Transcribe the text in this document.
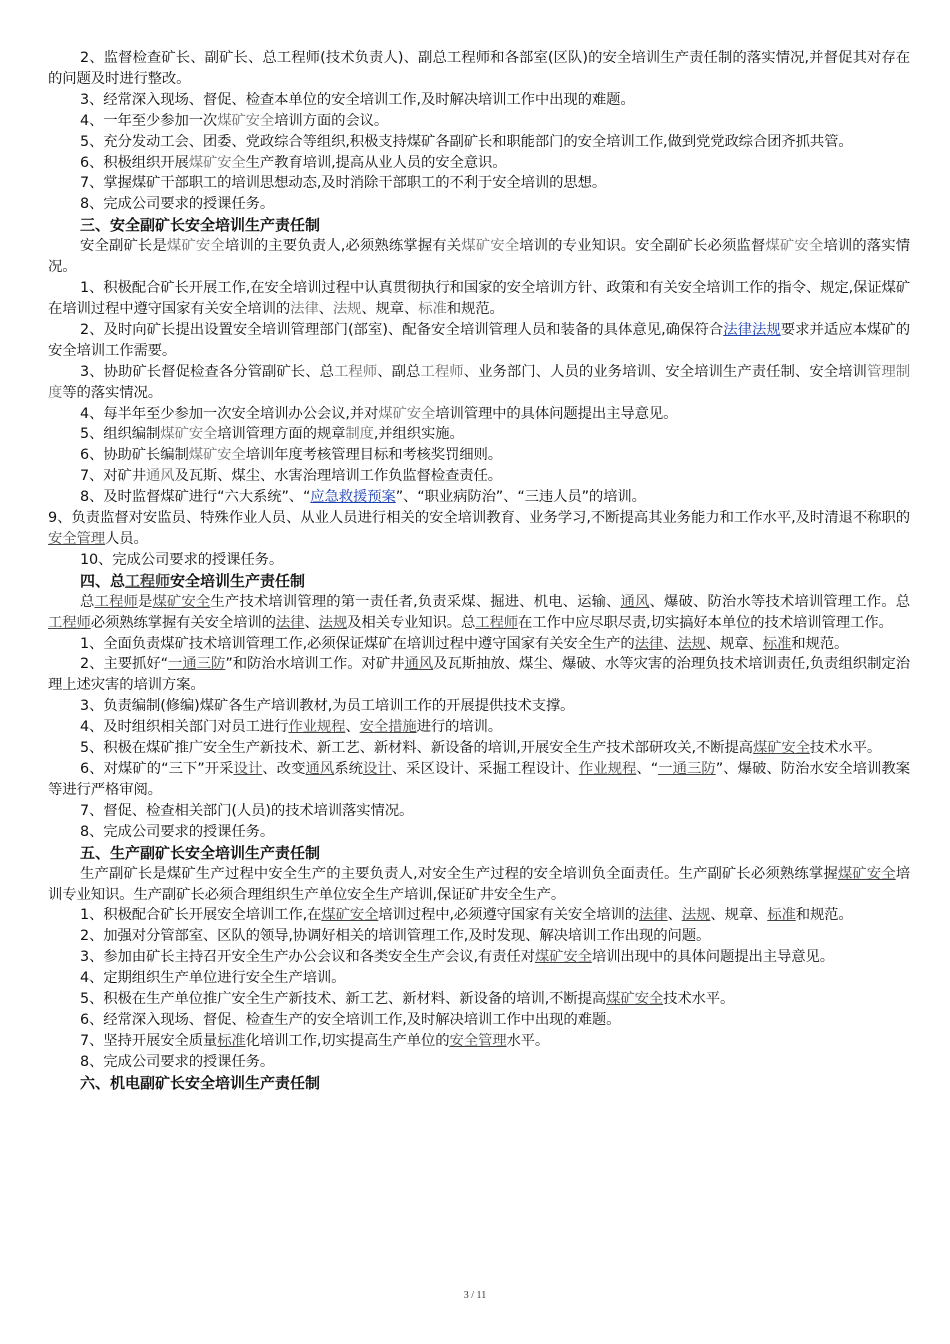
2、监督检查矿长、副矿长、总工程师(技术负责人)、副总工程师和各部室(区队)的安全培训生产责任制的落实情况,并督促其对存在的问题及时进行整改。

3、经常深入现场、督促、检查本单位的安全培训工作,及时解决培训工作中出现的难题。

4、一年至少参加一次煤矿安全培训方面的会议。

5、充分发动工会、团委、党政综合等组织,积极支持煤矿各副矿长和职能部门的安全培训工作,做到党党政综合团齐抓共管。

6、积极组织开展煤矿安全生产教育培训,提高从业人员的安全意识。

7、掌握煤矿干部职工的培训思想动态,及时消除干部职工的不利于安全培训的思想。

8、完成公司要求的授课任务。

三、安全副矿长安全培训生产责任制

安全副矿长是煤矿安全培训的主要负责人,必须熟练掌握有关煤矿安全培训的专业知识。安全副矿长必须监督煤矿安全培训的落实情况。

1、积极配合矿长开展工作,在安全培训过程中认真贯彻执行和国家的安全培训方针、政策和有关安全培训工作的指令、规定,保证煤矿在培训过程中遵守国家有关安全培训的法律、法规、规章、标准和规范。

2、及时向矿长提出设置安全培训管理部门(部室)、配备安全培训管理人员和装备的具体意见,确保符合法律法规要求并适应本煤矿的安全培训工作需要。

3、协助矿长督促检查各分管副矿长、总工程师、副总工程师、业务部门、人员的业务培训、安全培训生产责任制、安全培训管理制度等的落实情况。

4、每半年至少参加一次安全培训办公会议,并对煤矿安全培训管理中的具体问题提出主导意见。

5、组织编制煤矿安全培训管理方面的规章制度,并组织实施。

6、协助矿长编制煤矿安全培训年度考核管理目标和考核奖罚细则。

7、对矿井通风及瓦斯、煤尘、水害治理培训工作负监督检查责任。

8、及时监督煤矿进行“六大系统”、“应急救援预案”、“职业病防治”、“三违人员”的培训。

9、负责监督对安监员、特殊作业人员、从业人员进行相关的安全培训教育、业务学习,不断提高其业务能力和工作水平,及时清退不称职的安全管理人员。

10、完成公司要求的授课任务。

四、总工程师安全培训生产责任制

总工程师是煤矿安全生产技术培训管理的第一责任者,负责采煤、掘进、机电、运输、通风、爆破、防治水等技术培训管理工作。总工程师必须熟练掌握有关安全培训的法律、法规及相关专业知识。总工程师在工作中应尽职尽责,切实搞好本单位的技术培训管理工作。

1、全面负责煤矿技术培训管理工作,必须保证煤矿在培训过程中遵守国家有关安全生产的法律、法规、规章、标准和规范。

2、主要抓好“一通三防”和防治水培训工作。对矿井通风及瓦斯抽放、煤尘、爆破、水等灾害的治理负技术培训责任,负责组织制定治理上述灾害的培训方案。

3、负责编制(修编)煤矿各生产培训教材,为员工培训工作的开展提供技术支撑。

4、及时组织相关部门对员工进行作业规程、安全措施进行的培训。

5、积极在煤矿推广安全生产新技术、新工艺、新材料、新设备的培训,开展安全生产技术部研攻关,不断提高煤矿安全技术水平。

6、对煤矿的“三下”开采设计、改变通风系统设计、采区设计、采掘工程设计、作业规程、“一通三防”、爆破、防治水安全培训教案等进行严格审阅。

7、督促、检查相关部门(人员)的技术培训落实情况。

8、完成公司要求的授课任务。

五、生产副矿长安全培训生产责任制

生产副矿长是煤矿生产过程中安全生产的主要负责人,对安全生产过程的安全培训负全面责任。生产副矿长必须熟练掌握煤矿安全培训专业知识。生产副矿长必须合理组织生产单位安全生产培训,保证矿井安全生产。

1、积极配合矿长开展安全培训工作,在煤矿安全培训过程中,必须遵守国家有关安全培训的法律、法规、规章、标准和规范。

2、加强对分管部室、区队的领导,协调好相关的培训管理工作,及时发现、解决培训工作出现的问题。

3、参加由矿长主持召开安全生产办公会议和各类安全生产会议,有责任对煤矿安全培训出现中的具体问题提出主导意见。

4、定期组织生产单位进行安全生产培训。

5、积极在生产单位推广安全生产新技术、新工艺、新材料、新设备的培训,不断提高煤矿安全技术水平。

6、经常深入现场、督促、检查生产的安全培训工作,及时解决培训工作中出现的难题。

7、坚持开展安全质量标准化培训工作,切实提高生产单位的安全管理水平。

8、完成公司要求的授课任务。

六、机电副矿长安全培训生产责任制

3 / 11
